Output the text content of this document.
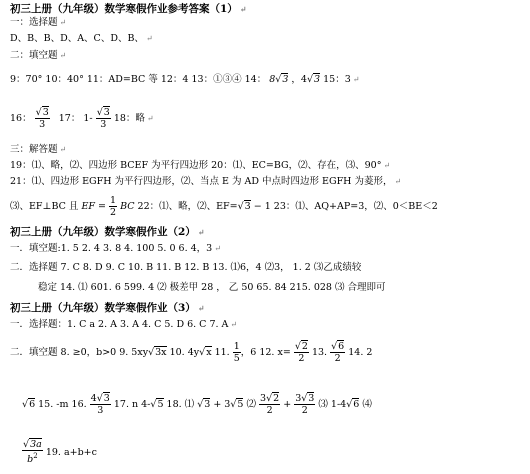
初三上册（九年级）数学寒假作业参考答案（1） ↵
一：选择题 ↵
D、B、B、D、A、C、D、B、 ↵
二：填空题 ↵
9：70° 10：40° 11：AD=BC 等 12：4 13：①③④ 14： 8 √ 3 ，4 √ 3 15：3 ↵
16： √ $\frac{3}{3} 17$： 1- √ $\frac{3}{3} 18$：略 ↵
三：解答题 ↵
19：⑴、略，⑵、四边形 BCEF 为平行四边形 20：⑴、EC=BG，⑵、存在，⑶、90° ↵
21：⑴、四边形 EGFH 为平行四边形，⑵、当点 E 为 AD 中点时四边形 EGFH 为菱形， ↵
⑶、EF⊥BC 且 EF = $\frac{1}{2}$ BC 22：⑴、略，⑵、EF= √ 3 − 1 23：⑴、AQ+AP=3，⑵、0＜BE＜2
初三上册（九年级）数学寒假作业（2） ↵
一．填空题:1. 5 2. 4 3. 8 4. 100 5. 0 6. 4，3 ↵
二．选择题 7. C 8. D 9. C 10. B 11. B 12. B 13. ⑴6，4 ⑵3， 1. 2 ⑶乙成绩较
稳定 14. ⑴ 601. 6 599. 4 ⑵ 极差甲 28 ， 乙 50 65. 84 215. 028 ⑶ 合理即可
初三上册（九年级）数学寒假作业（3） ↵
一．选择题：1. C a 2. A 3. A 4. C 5. D 6. C 7. A ↵
二．填空题 8. ≥0，b>0 9. 5xy √ 3x 10. 4y √ x 11. $\frac{1}{5}$ ，6 12. x= √ $\frac{2}{2} 13$. √ $\frac{6}{2} 14$. 2
√ 6 15. -m 16. $\frac{4 √ 3}{3} 17$. n 4- √ 5 18. ⑴ √ 3 + 3 √ 5 ⑵ $\frac{3 √ 2}{2} + \frac{3 √ 3}{2}$ ⑶ 1-4 √ 6 ⑷
√ $\frac{3a}{b^2} 19$. a+b+c
